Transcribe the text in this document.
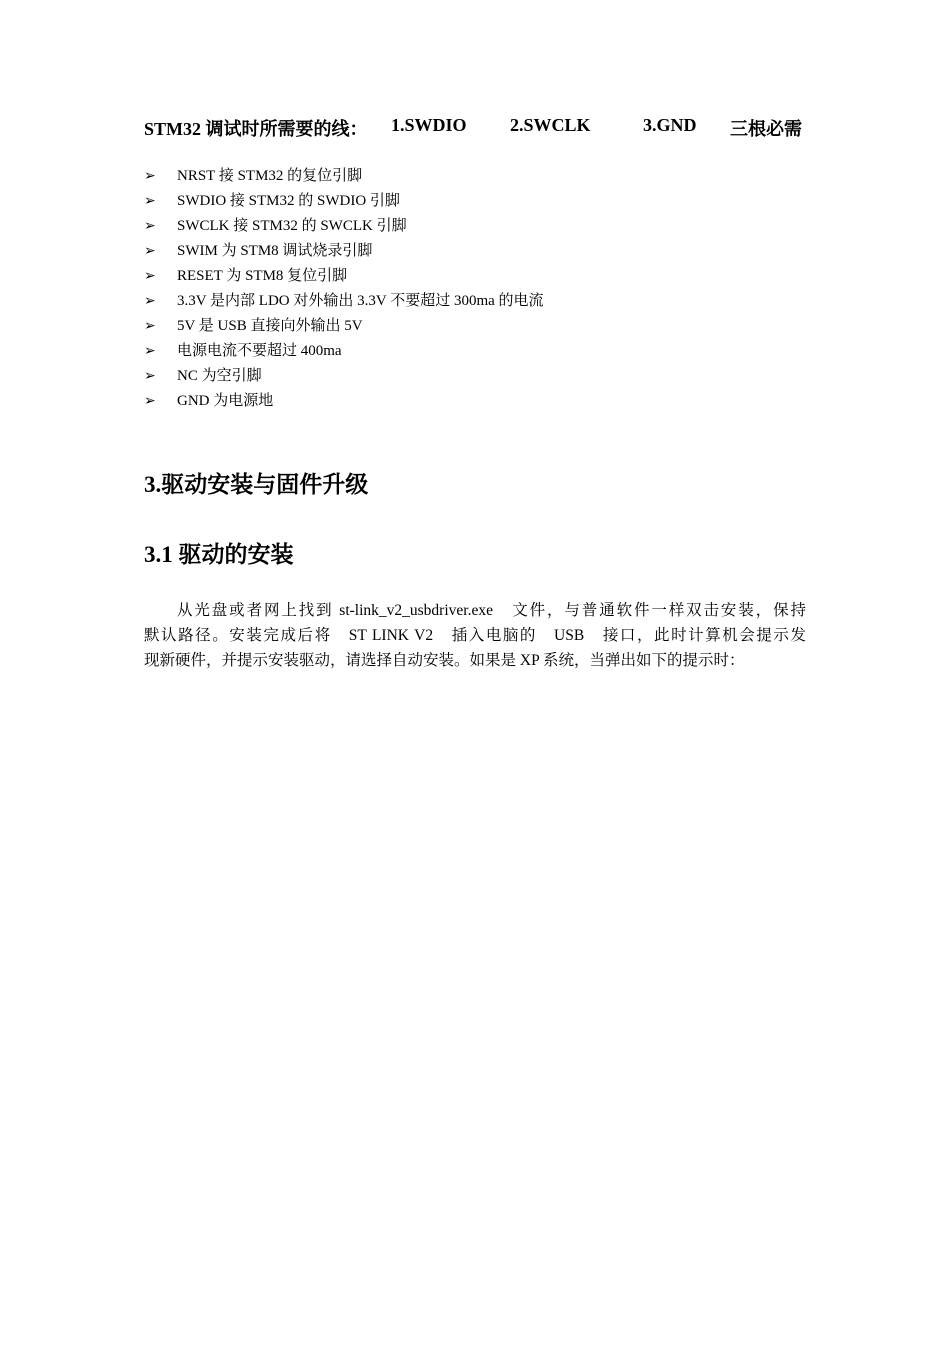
STM32 调试时所需要的线： 1.SWDIO 2.SWCLK	3.GND 三根必需
➢ NRST 接 STM32 的复位引脚
➢ SWDIO 接 STM32 的 SWDIO 引脚
➢ SWCLK 接 STM32 的 SWCLK 引脚
➢ SWIM 为 STM8 调试烧录引脚
➢ RESET 为 STM8 复位引脚
➢ 3.3V 是内部 LDO 对外输出 3.3V 不要超过 300ma 的电流
➢ 5V 是 USB 直接向外输出 5V
➢ 电源电流不要超过 400ma
➢ NC 为空引脚
➢ GND 为电源地
3.驱动安装与固件升级
3.1 驱动的安装
从光盘或者网上找到 st-link_v2_usbdriver.exe　文件，与普通软件一样双击安装，保持
默认路径。安装完成后将　ST LINK V2　插入电脑的　USB　接口，此时计算机会提示发
现新硬件，并提示安装驱动，请选择自动安装。如果是 XP 系统，当弹出如下的提示时：
